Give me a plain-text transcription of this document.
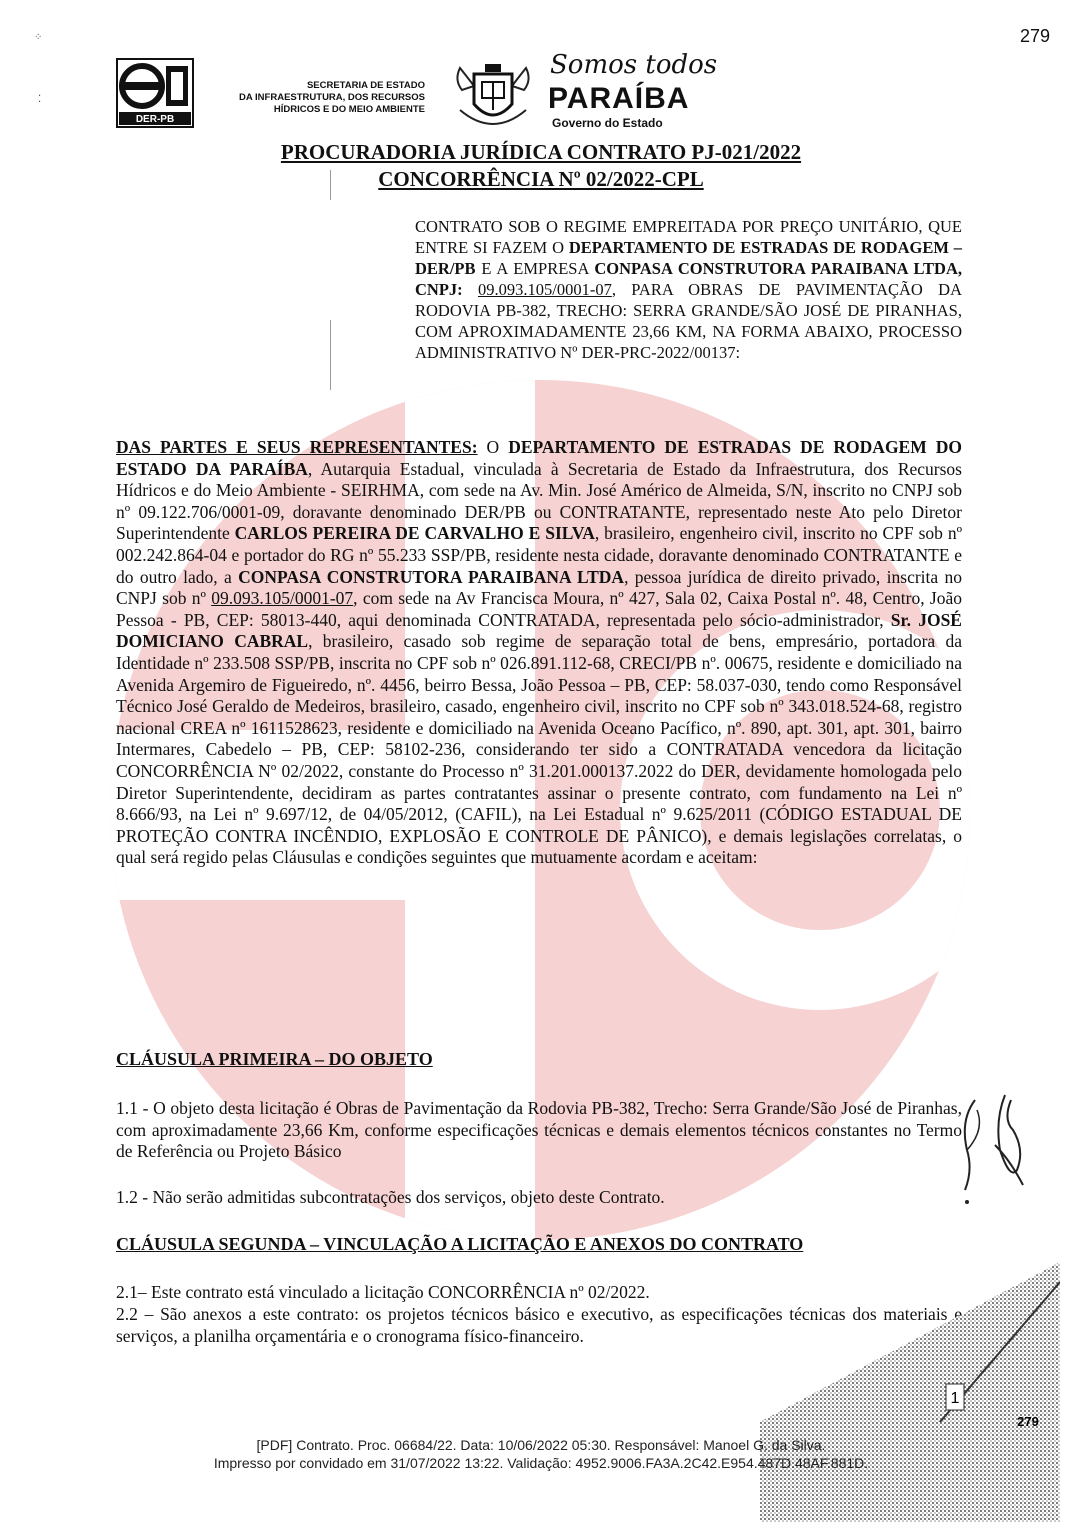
⁘
⁚
279
DER-PB
SECRETARIA DE ESTADO
DA INFRAESTRUTURA, DOS RECURSOS
HÍDRICOS E DO MEIO AMBIENTE
Somos todos
PARAÍBA
Governo do Estado
PROCURADORIA JURÍDICA CONTRATO PJ-021/2022
CONCORRÊNCIA Nº 02/2022-CPL
CONTRATO SOB O REGIME EMPREITADA POR PREÇO UNITÁRIO, QUE ENTRE SI FAZEM O DEPARTAMENTO DE ESTRADAS DE RODAGEM – DER/PB E A EMPRESA CONPASA CONSTRUTORA PARAIBANA LTDA, CNPJ: 09.093.105/0001-07, PARA OBRAS DE PAVIMENTAÇÃO DA RODOVIA PB-382, TRECHO: SERRA GRANDE/SÃO JOSÉ DE PIRANHAS, COM APROXIMADAMENTE 23,66 KM, NA FORMA ABAIXO, PROCESSO ADMINISTRATIVO Nº DER-PRC-2022/00137:
DAS PARTES E SEUS REPRESENTANTES: O DEPARTAMENTO DE ESTRADAS DE RODAGEM DO ESTADO DA PARAÍBA, Autarquia Estadual, vinculada à Secretaria de Estado da Infraestrutura, dos Recursos Hídricos e do Meio Ambiente - SEIRHMA, com sede na Av. Min. José Américo de Almeida, S/N, inscrito no CNPJ sob nº 09.122.706/0001-09, doravante denominado DER/PB ou CONTRATANTE, representado neste Ato pelo Diretor Superintendente CARLOS PEREIRA DE CARVALHO E SILVA, brasileiro, engenheiro civil, inscrito no CPF sob nº 002.242.864-04 e portador do RG nº 55.233 SSP/PB, residente nesta cidade, doravante denominado CONTRATANTE e do outro lado, a CONPASA CONSTRUTORA PARAIBANA LTDA, pessoa jurídica de direito privado, inscrita no CNPJ sob nº 09.093.105/0001-07, com sede na Av Francisca Moura, nº 427, Sala 02, Caixa Postal nº. 48, Centro, João Pessoa - PB, CEP: 58013-440, aqui denominada CONTRATADA, representada pelo sócio-administrador, Sr. JOSÉ DOMICIANO CABRAL, brasileiro, casado sob regime de separação total de bens, empresário, portadora da Identidade nº 233.508 SSP/PB, inscrita no CPF sob nº 026.891.112-68, CRECI/PB nº. 00675, residente e domiciliado na Avenida Argemiro de Figueiredo, nº. 4456, beirro Bessa, João Pessoa – PB, CEP: 58.037-030, tendo como Responsável Técnico José Geraldo de Medeiros, brasileiro, casado, engenheiro civil, inscrito no CPF sob nº 343.018.524-68, registro nacional CREA nº 1611528623, residente e domiciliado na Avenida Oceano Pacífico, nº. 890, apt. 301, apt. 301, bairro Intermares, Cabedelo – PB, CEP: 58102-236, considerando ter sido a CONTRATADA vencedora da licitação CONCORRÊNCIA Nº 02/2022, constante do Processo nº 31.201.000137.2022 do DER, devidamente homologada pelo Diretor Superintendente, decidiram as partes contratantes assinar o presente contrato, com fundamento na Lei nº 8.666/93, na Lei nº 9.697/12, de 04/05/2012, (CAFIL), na Lei Estadual nº 9.625/2011 (CÓDIGO ESTADUAL DE PROTEÇÃO CONTRA INCÊNDIO, EXPLOSÃO E CONTROLE DE PÂNICO), e demais legislações correlatas, o qual será regido pelas Cláusulas e condições seguintes que mutuamente acordam e aceitam:
CLÁUSULA PRIMEIRA – DO OBJETO
1.1 - O objeto desta licitação é Obras de Pavimentação da Rodovia PB-382, Trecho: Serra Grande/São José de Piranhas, com aproximadamente 23,66 Km, conforme especificações técnicas e demais elementos técnicos constantes no Termo de Referência ou Projeto Básico
1.2 - Não serão admitidas subcontratações dos serviços, objeto deste Contrato.
CLÁUSULA SEGUNDA – VINCULAÇÃO A LICITAÇÃO E ANEXOS DO CONTRATO
2.1– Este contrato está vinculado a licitação CONCORRÊNCIA nº 02/2022.
2.2 – São anexos a este contrato: os projetos técnicos básico e executivo, as especificações técnicas dos materiais e serviços, a planilha orçamentária e o cronograma físico-financeiro.
1
279
[PDF] Contrato. Proc. 06684/22. Data: 10/06/2022 05:30. Responsável: Manoel G. da Silva.
Impresso por convidado em 31/07/2022 13:22. Validação: 4952.9006.FA3A.2C42.E954.487D.48AF.881D.
